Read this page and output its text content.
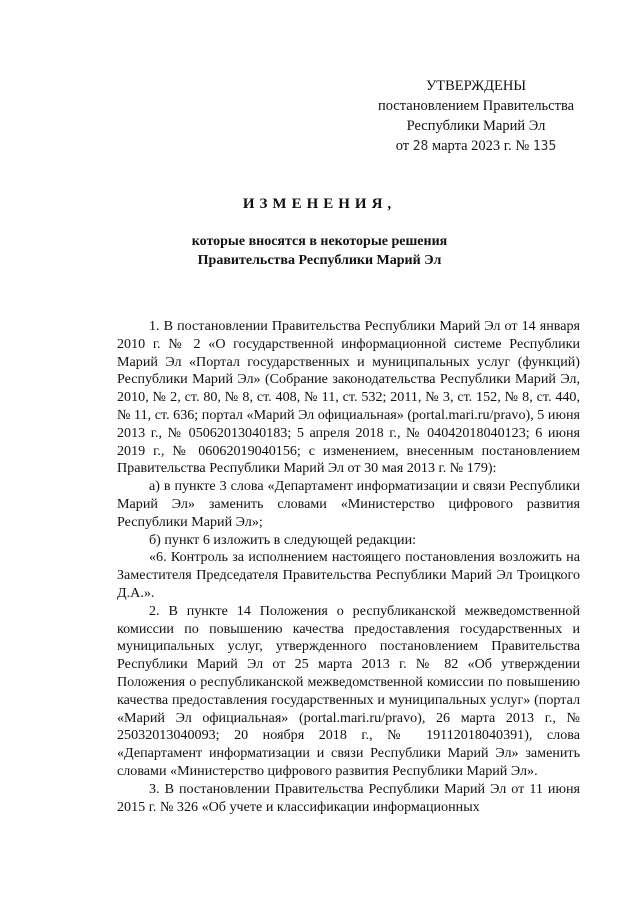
УТВЕРЖДЕНЫ
постановлением Правительства
Республики Марий Эл
от 28 марта 2023 г. № 135
ИЗМЕНЕНИЯ,
которые вносятся в некоторые решения
Правительства Республики Марий Эл

1. В постановлении Правительства Республики Марий Эл от 14 января 2010 г. № 2 «О государственной информационной системе Республики Марий Эл «Портал государственных и муниципальных услуг (функций) Республики Марий Эл» (Собрание законодательства Республики Марий Эл, 2010, № 2, ст. 80, № 8, ст. 408, № 11, ст. 532; 2011, № 3, ст. 152, № 8, ст. 440, № 11, ст. 636; портал «Марий Эл официальная» (portal.mari.ru/pravo), 5 июня 2013 г., № 05062013040183; 5 апреля 2018 г., № 04042018040123; 6 июня 2019 г., № 06062019040156; с изменением, внесенным постановлением Правительства Республики Марий Эл от 30 мая 2013 г. № 179):

а) в пункте 3 слова «Департамент информатизации и связи Республики Марий Эл» заменить словами «Министерство цифрового развития Республики Марий Эл»;

б) пункт 6 изложить в следующей редакции:

«6. Контроль за исполнением настоящего постановления возложить на Заместителя Председателя Правительства Республики Марий Эл Троицкого Д.А.».

2. В пункте 14 Положения о республиканской межведомственной комиссии по повышению качества предоставления государственных и муниципальных услуг, утвержденного постановлением Правительства Республики Марий Эл от 25 марта 2013 г. № 82 «Об утверждении Положения о республиканской межведомственной комиссии по повышению качества предоставления государственных и муниципальных услуг» (портал «Марий Эл официальная» (portal.mari.ru/pravo), 26 марта 2013 г., № 25032013040093; 20 ноября 2018 г., № 19112018040391), слова «Департамент информатизации и связи Республики Марий Эл» заменить словами «Министерство цифрового развития Республики Марий Эл».

3. В постановлении Правительства Республики Марий Эл от 11 июня 2015 г. № 326 «Об учете и классификации информационных
